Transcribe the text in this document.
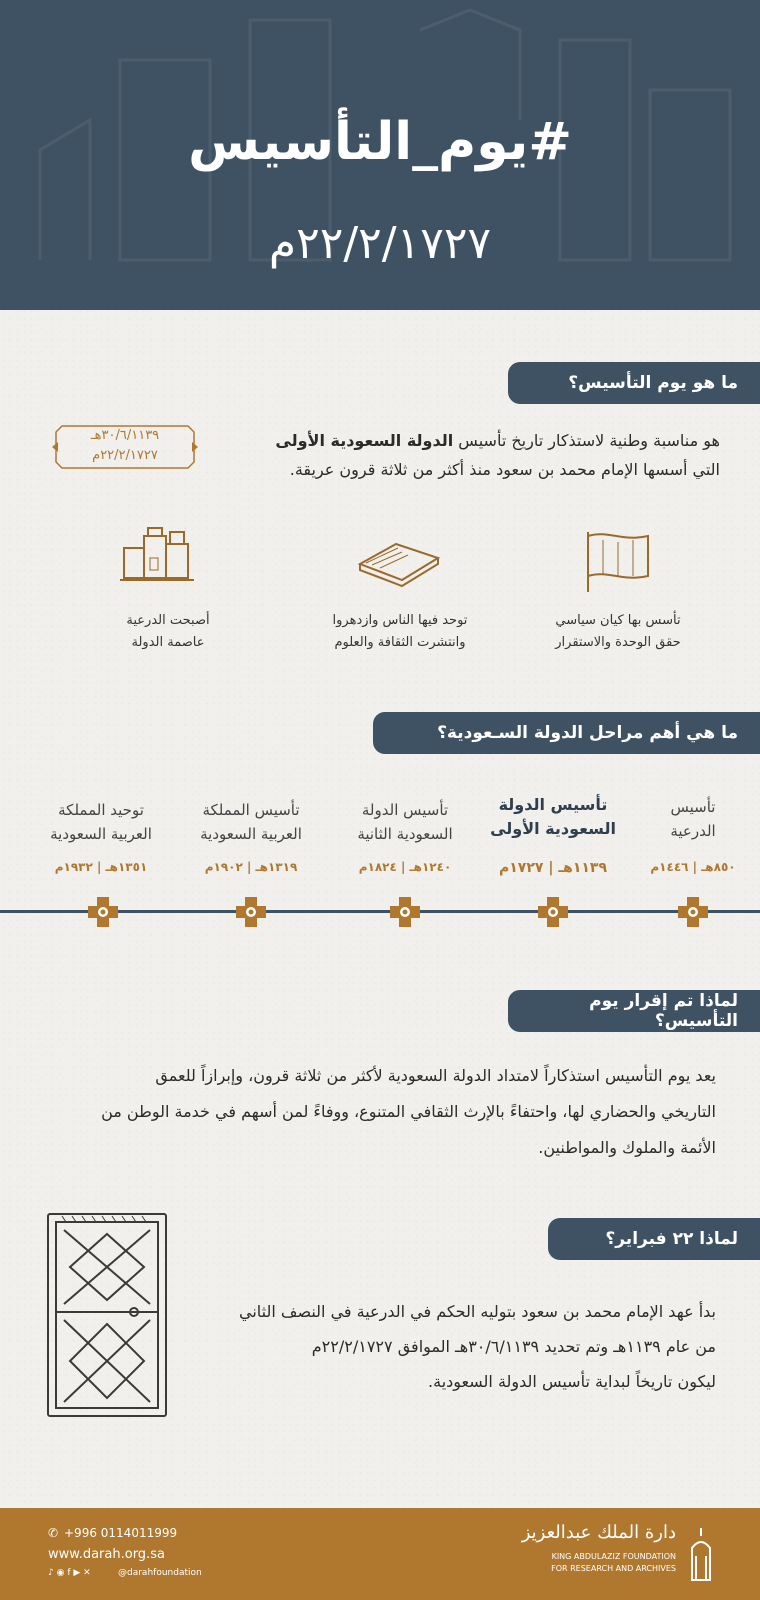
#يوم_التأسيس
٢٢/٢/١٧٢٧م
ما هو يوم التأسيس؟
هو مناسبة وطنية لاستذكار تاريخ تأسيس الدولة السعودية الأولى
التي أسسها الإمام محمد بن سعود منذ أكثر من ثلاثة قرون عريقة.
٣٠/٦/١١٣٩هـ
٢٢/٢/١٧٢٧م
تأسس بها كيان سياسي
حقق الوحدة والاستقرار
توحد فيها الناس وازدهروا
وانتشرت الثقافة والعلوم
أصبحت الدرعية
عاصمة الدولة
ما هي أهم مراحل الدولة السـعودية؟
تأسيس
الدرعية
تأسيس الدولة
السعودية الأولى
تأسيس الدولة
السعودية الثانية
تأسيس المملكة
العربية السعودية
توحيد المملكة
العربية السعودية
٨٥٠هـ | ١٤٤٦م
١١٣٩هـ | ١٧٢٧م
١٢٤٠هـ | ١٨٢٤م
١٣١٩هـ | ١٩٠٢م
١٣٥١هـ | ١٩٣٢م
لماذا تم إقرار يوم التأسيس؟
يعد يوم التأسيس استذكاراً لامتداد الدولة السعودية لأكثر من ثلاثة قرون، وإبرازاً للعمق
التاريخي والحضاري لها، واحتفاءً بالإرث الثقافي المتنوع، ووفاءً لمن أسهم في خدمة الوطن من
الأئمة والملوك والمواطنين.
لماذا ٢٢ فبراير؟
بدأ عهد الإمام محمد بن سعود بتوليه الحكم في الدرعية في النصف الثاني
من عام ١١٣٩هـ وتم تحديد ٣٠/٦/١١٣٩هـ الموافق ٢٢/٢/١٧٢٧م
ليكون تاريخاً لبداية تأسيس الدولة السعودية.
✆ +996 0114011999
www.darah.org.sa
♪ ◉ f ▶ ✕	@darahfoundation
دارة الملك عبدالعزيز
KING ABDULAZIZ FOUNDATION
FOR RESEARCH AND ARCHIVES
